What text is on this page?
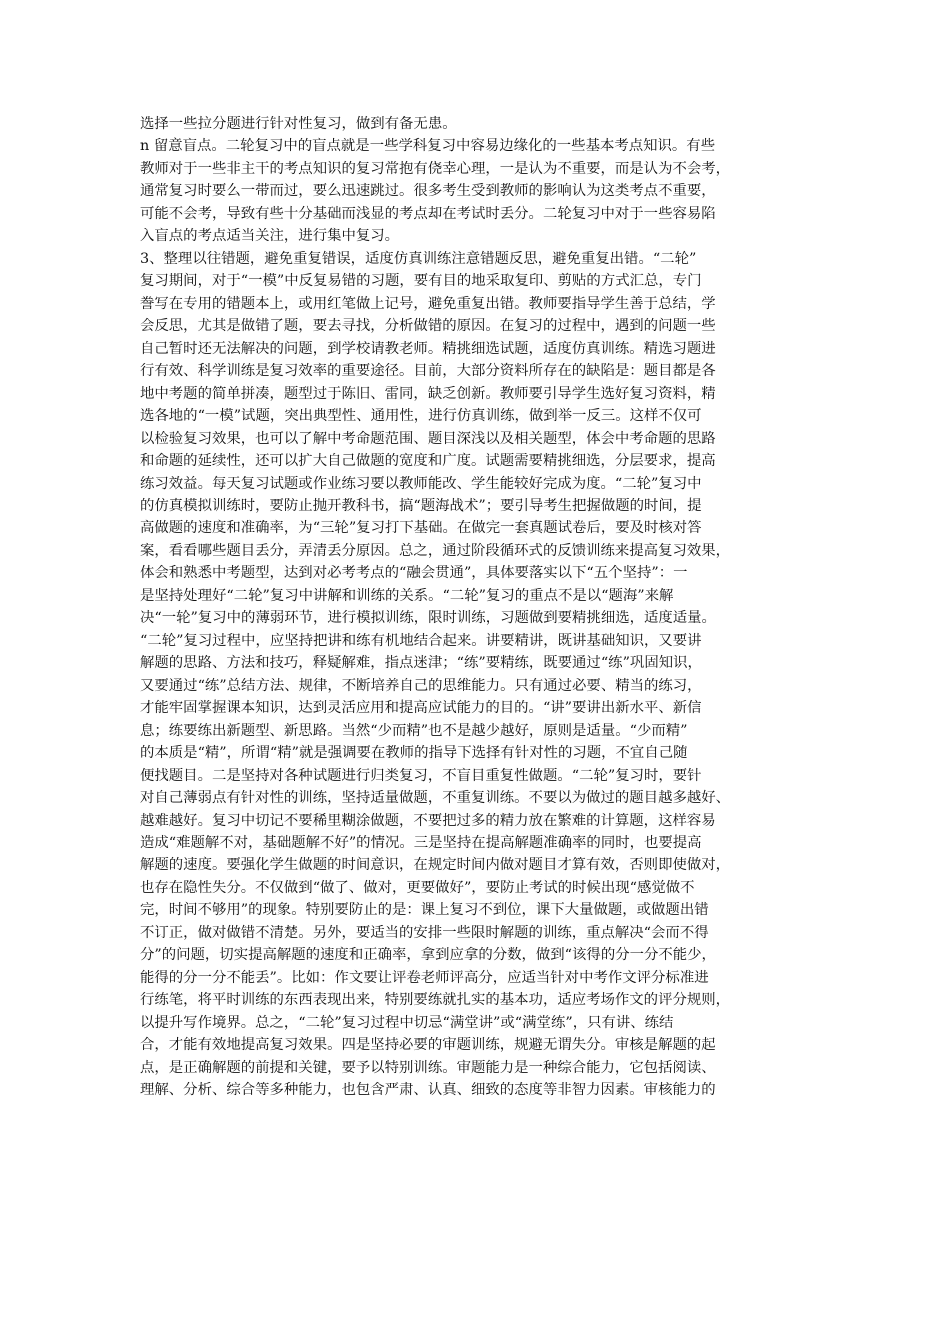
选择一些拉分题进行针对性复习，做到有备无患。
n 留意盲点。二轮复习中的盲点就是一些学科复习中容易边缘化的一些基本考点知识。有些
教师对于一些非主干的考点知识的复习常抱有侥幸心理，一是认为不重要，而是认为不会考，
通常复习时要么一带而过，要么迅速跳过。很多考生受到教师的影响认为这类考点不重要，
可能不会考，导致有些十分基础而浅显的考点却在考试时丢分。二轮复习中对于一些容易陷
入盲点的考点适当关注，进行集中复习。
3、整理以往错题，避免重复错误，适度仿真训练注意错题反思，避免重复出错。“二轮”
复习期间，对于“一模”中反复易错的习题，要有目的地采取复印、剪贴的方式汇总，专门
誊写在专用的错题本上，或用红笔做上记号，避免重复出错。教师要指导学生善于总结，学
会反思，尤其是做错了题，要去寻找，分析做错的原因。在复习的过程中，遇到的问题一些
自己暂时还无法解决的问题，到学校请教老师。精挑细选试题，适度仿真训练。精选习题进
行有效、科学训练是复习效率的重要途径。目前，大部分资料所存在的缺陷是：题目都是各
地中考题的简单拼凑，题型过于陈旧、雷同，缺乏创新。教师要引导学生选好复习资料，精
选各地的“一模”试题，突出典型性、通用性，进行仿真训练，做到举一反三。这样不仅可
以检验复习效果，也可以了解中考命题范围、题目深浅以及相关题型，体会中考命题的思路
和命题的延续性，还可以扩大自己做题的宽度和广度。试题需要精挑细选，分层要求，提高
练习效益。每天复习试题或作业练习要以教师能改、学生能较好完成为度。“二轮”复习中
的仿真模拟训练时，要防止抛开教科书，搞“题海战术”；要引导考生把握做题的时间，提
高做题的速度和准确率，为“三轮”复习打下基础。在做完一套真题试卷后，要及时核对答
案，看看哪些题目丢分，弄清丢分原因。总之，通过阶段循环式的反馈训练来提高复习效果，
体会和熟悉中考题型，达到对必考考点的“融会贯通”，具体要落实以下“五个坚持”：一
是坚持处理好“二轮”复习中讲解和训练的关系。“二轮”复习的重点不是以“题海”来解
决“一轮”复习中的薄弱环节，进行模拟训练，限时训练，习题做到要精挑细选，适度适量。
“二轮”复习过程中，应坚持把讲和练有机地结合起来。讲要精讲，既讲基础知识，又要讲
解题的思路、方法和技巧，释疑解难，指点迷津；“练”要精练，既要通过“练”巩固知识，
又要通过“练”总结方法、规律，不断培养自己的思维能力。只有通过必要、精当的练习，
才能牢固掌握课本知识，达到灵活应用和提高应试能力的目的。“讲”要讲出新水平、新信
息；练要练出新题型、新思路。当然“少而精”也不是越少越好，原则是适量。“少而精”
的本质是“精”，所谓“精”就是强调要在教师的指导下选择有针对性的习题，不宜自己随
便找题目。二是坚持对各种试题进行归类复习，不盲目重复性做题。“二轮”复习时，要针
对自己薄弱点有针对性的训练，坚持适量做题，不重复训练。不要以为做过的题目越多越好、
越难越好。复习中切记不要稀里糊涂做题，不要把过多的精力放在繁难的计算题，这样容易
造成“难题解不对，基础题解不好”的情况。三是坚持在提高解题准确率的同时，也要提高
解题的速度。要强化学生做题的时间意识，在规定时间内做对题目才算有效，否则即使做对，
也存在隐性失分。不仅做到“做了、做对，更要做好”，要防止考试的时候出现“感觉做不
完，时间不够用”的现象。特别要防止的是：课上复习不到位，课下大量做题，或做题出错
不订正，做对做错不清楚。另外，要适当的安排一些限时解题的训练，重点解决“会而不得
分”的问题，切实提高解题的速度和正确率，拿到应拿的分数，做到“该得的分一分不能少，
能得的分一分不能丢”。比如：作文要让评卷老师评高分，应适当针对中考作文评分标准进
行练笔，将平时训练的东西表现出来，特别要练就扎实的基本功，适应考场作文的评分规则，
以提升写作境界。总之，“二轮”复习过程中切忌“满堂讲”或“满堂练”，只有讲、练结
合，才能有效地提高复习效果。四是坚持必要的审题训练，规避无谓失分。审核是解题的起
点，是正确解题的前提和关键，要予以特别训练。审题能力是一种综合能力，它包括阅读、
理解、分析、综合等多种能力，也包含严肃、认真、细致的态度等非智力因素。审核能力的
